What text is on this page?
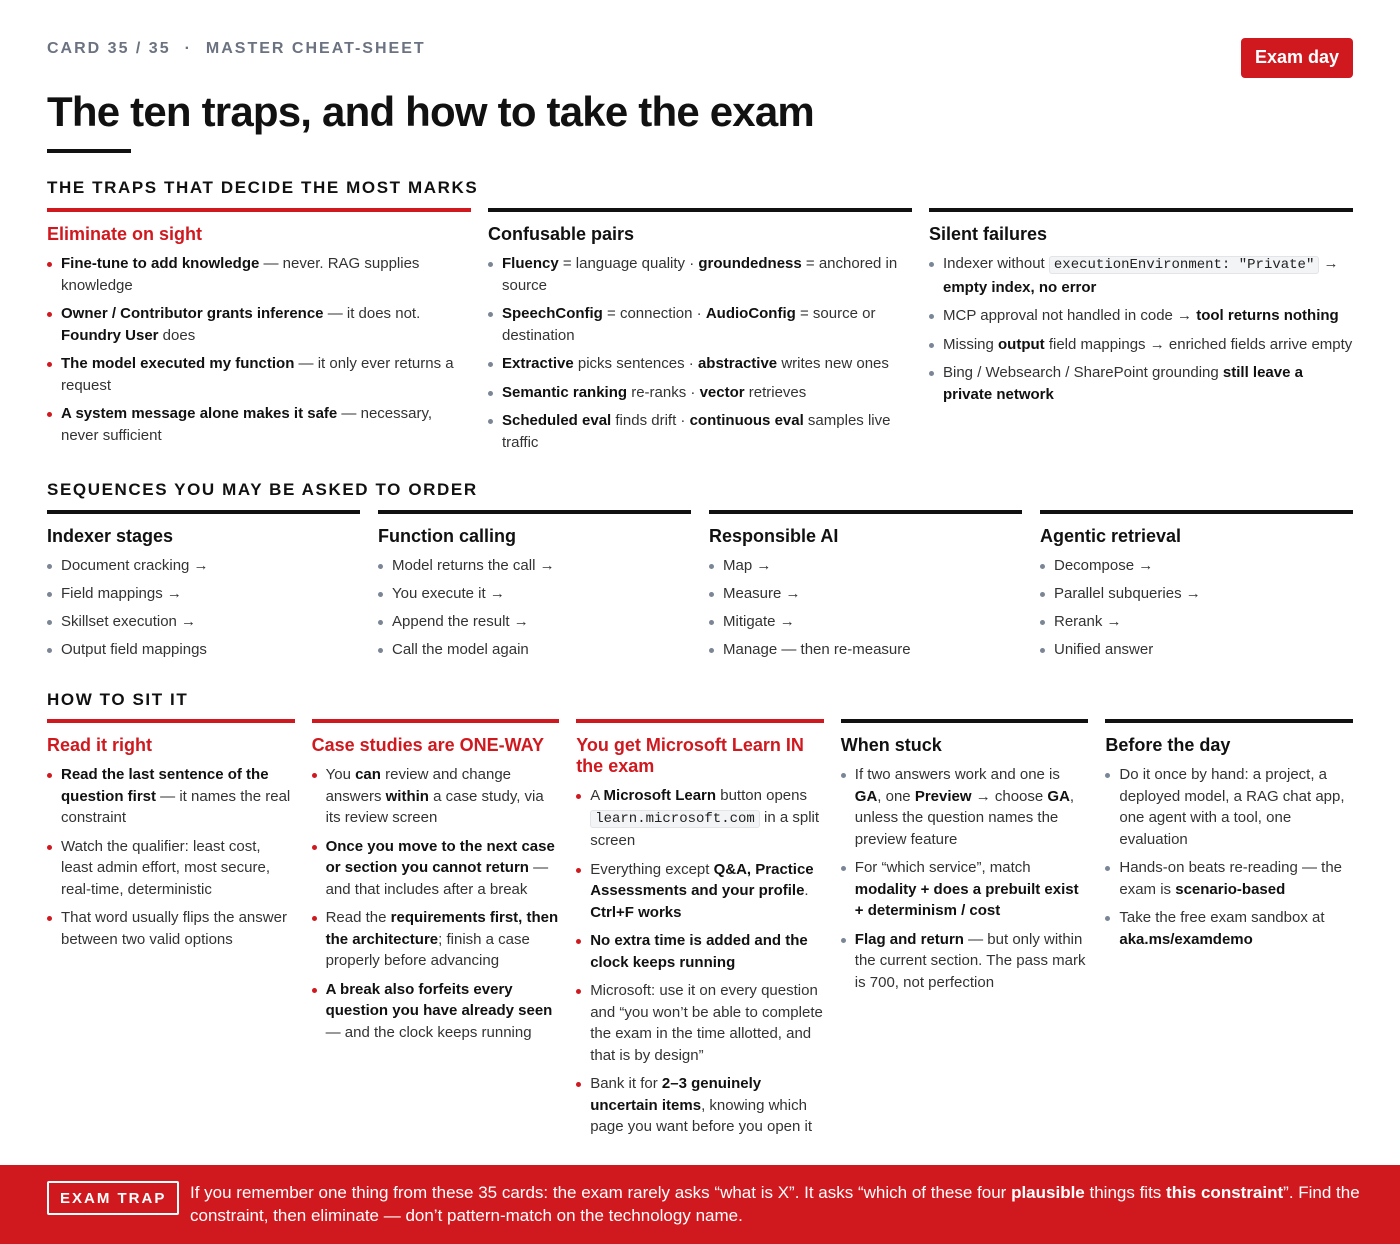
CARD 35 / 35 · MASTER CHEAT-SHEET	Exam day
The ten traps, and how to take the exam
THE TRAPS THAT DECIDE THE MOST MARKS
Eliminate on sight
Fine-tune to add knowledge — never. RAG supplies knowledge
Owner / Contributor grants inference — it does not. Foundry User does
The model executed my function — it only ever returns a request
A system message alone makes it safe — necessary, never sufficient
Confusable pairs
Fluency = language quality · groundedness = anchored in source
SpeechConfig = connection · AudioConfig = source or destination
Extractive picks sentences · abstractive writes new ones
Semantic ranking re-ranks · vector retrieves
Scheduled eval finds drift · continuous eval samples live traffic
Silent failures
Indexer without executionEnvironment: "Private" → empty index, no error
MCP approval not handled in code → tool returns nothing
Missing output field mappings → enriched fields arrive empty
Bing / Websearch / SharePoint grounding still leave a private network
SEQUENCES YOU MAY BE ASKED TO ORDER
Indexer stages
Document cracking →
Field mappings →
Skillset execution →
Output field mappings
Function calling
Model returns the call →
You execute it →
Append the result →
Call the model again
Responsible AI
Map →
Measure →
Mitigate →
Manage — then re-measure
Agentic retrieval
Decompose →
Parallel subqueries →
Rerank →
Unified answer
HOW TO SIT IT
Read it right
Read the last sentence of the question first — it names the real constraint
Watch the qualifier: least cost, least admin effort, most secure, real-time, deterministic
That word usually flips the answer between two valid options
Case studies are ONE-WAY
You can review and change answers within a case study, via its review screen
Once you move to the next case or section you cannot return — and that includes after a break
Read the requirements first, then the architecture; finish a case properly before advancing
A break also forfeits every question you have already seen — and the clock keeps running
You get Microsoft Learn IN the exam
A Microsoft Learn button opens learn.microsoft.com in a split screen
Everything except Q&A, Practice Assessments and your profile. Ctrl+F works
No extra time is added and the clock keeps running
Microsoft: use it on every question and “you won’t be able to complete the exam in the time allotted, and that is by design”
Bank it for 2–3 genuinely uncertain items, knowing which page you want before you open it
When stuck
If two answers work and one is GA, one Preview → choose GA, unless the question names the preview feature
For “which service”, match modality + does a prebuilt exist + determinism / cost
Flag and return — but only within the current section. The pass mark is 700, not perfection
Before the day
Do it once by hand: a project, a deployed model, a RAG chat app, one agent with a tool, one evaluation
Hands-on beats re-reading — the exam is scenario-based
Take the free exam sandbox at aka.ms/examdemo
EXAM TRAP	If you remember one thing from these 35 cards: the exam rarely asks “what is X”. It asks “which of these four plausible things fits this constraint”. Find the constraint, then eliminate — don’t pattern-match on the technology name.
